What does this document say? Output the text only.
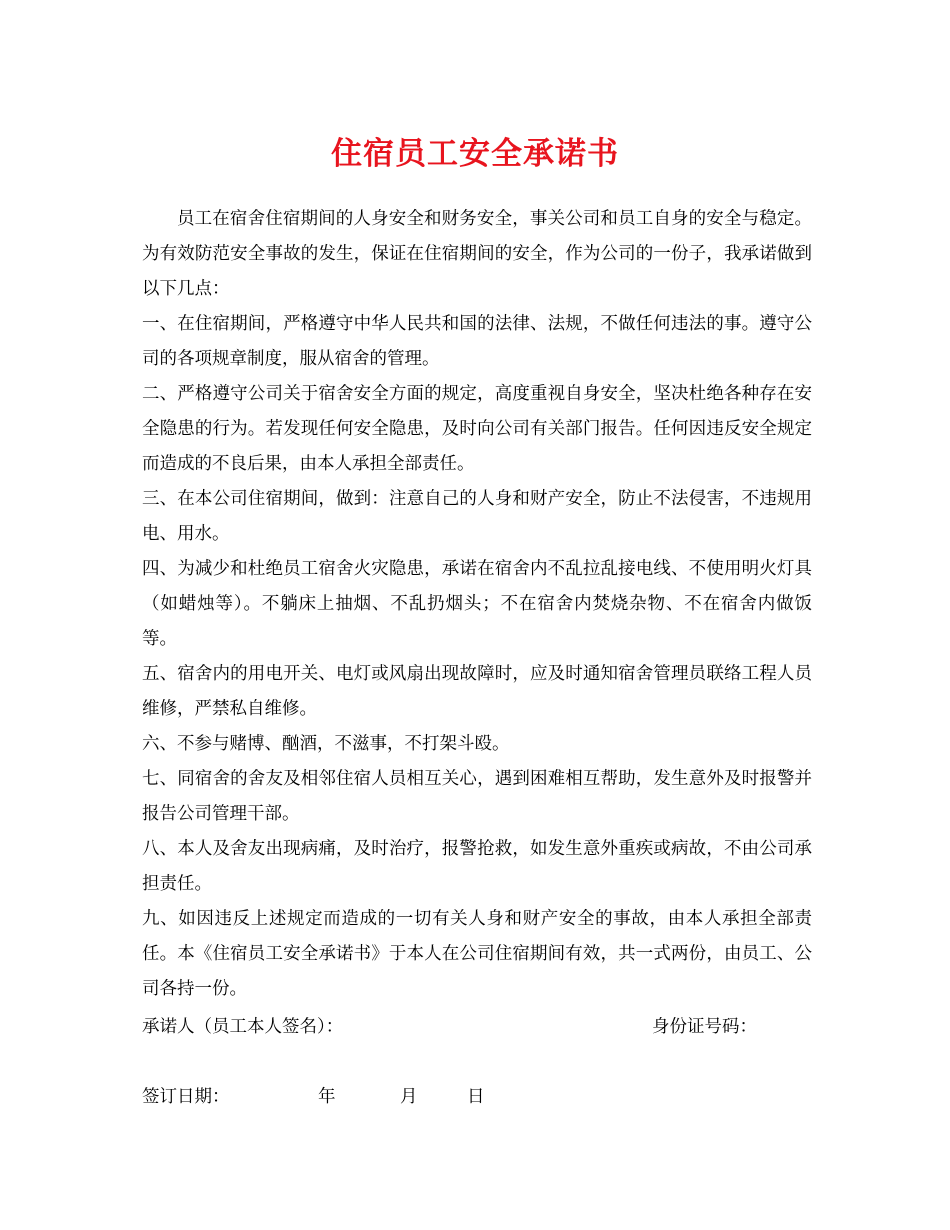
住宿员工安全承诺书

员工在宿舍住宿期间的人身安全和财务安全，事关公司和员工自身的安全与稳定。为有效防范安全事故的发生，保证在住宿期间的安全，作为公司的一份子，我承诺做到以下几点：

一、在住宿期间，严格遵守中华人民共和国的法律、法规，不做任何违法的事。遵守公司的各项规章制度，服从宿舍的管理。

二、严格遵守公司关于宿舍安全方面的规定，高度重视自身安全，坚决杜绝各种存在安全隐患的行为。若发现任何安全隐患，及时向公司有关部门报告。任何因违反安全规定而造成的不良后果，由本人承担全部责任。

三、在本公司住宿期间，做到：注意自己的人身和财产安全，防止不法侵害，不违规用电、用水。

四、为减少和杜绝员工宿舍火灾隐患，承诺在宿舍内不乱拉乱接电线、不使用明火灯具（如蜡烛等）。不躺床上抽烟、不乱扔烟头；不在宿舍内焚烧杂物、不在宿舍内做饭等。

五、宿舍内的用电开关、电灯或风扇出现故障时，应及时通知宿舍管理员联络工程人员维修，严禁私自维修。

六、不参与赌博、酗酒，不滋事，不打架斗殴。

七、同宿舍的舍友及相邻住宿人员相互关心，遇到困难相互帮助，发生意外及时报警并报告公司管理干部。

八、本人及舍友出现病痛，及时治疗，报警抢救，如发生意外重疾或病故，不由公司承担责任。

九、如因违反上述规定而造成的一切有关人身和财产安全的事故，由本人承担全部责任。本《住宿员工安全承诺书》于本人在公司住宿期间有效，共一式两份，由员工、公司各持一份。

承诺人（员工本人签名）：	身份证号码：
签订日期：	年	月	日
